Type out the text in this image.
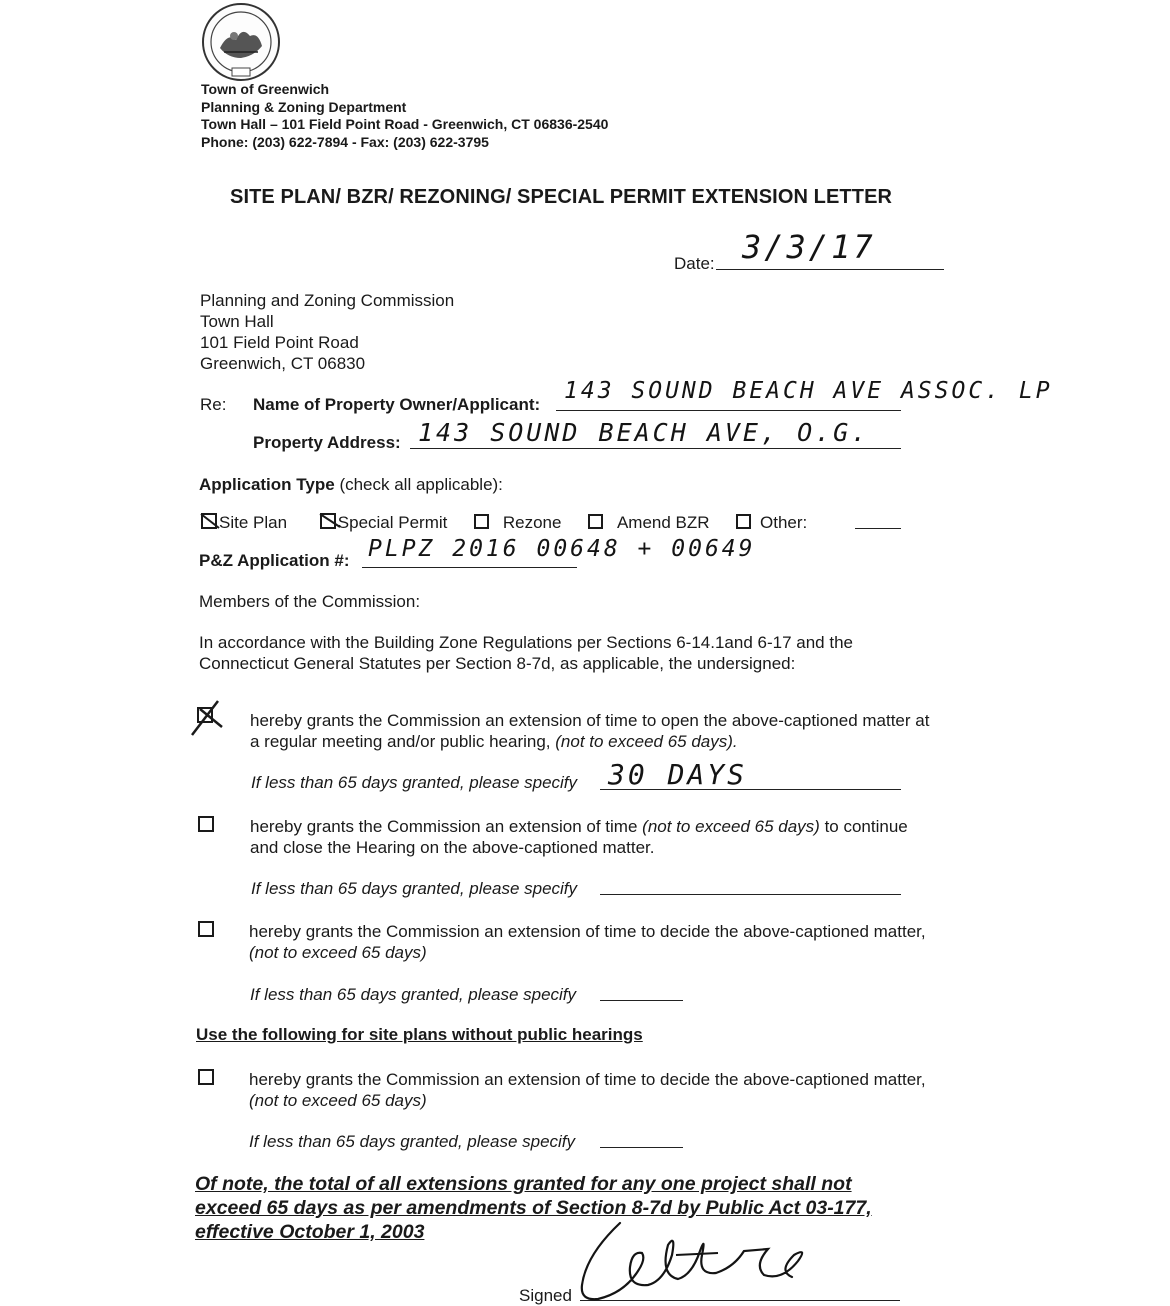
Town of Greenwich
Planning & Zoning Department
Town Hall – 101 Field Point Road - Greenwich, CT 06836-2540
Phone: (203) 622-7894 - Fax: (203) 622-3795
SITE PLAN/ BZR/ REZONING/ SPECIAL PERMIT EXTENSION LETTER
Date: 3/3/17
Planning and Zoning Commission
Town Hall
101 Field Point Road
Greenwich, CT 06830
Re: Name of Property Owner/Applicant:
143 SOUND BEACH AVE ASSOC. LP
Property Address: 143 SOUND BEACH AVE, O.G.
Application Type (check all applicable):
Site Plan	Special Permit	Rezone	Amend BZR	Other:
P&Z Application #: PLPZ 2016 00648 + 00649
Members of the Commission:
In accordance with the Building Zone Regulations per Sections 6-14.1and 6-17 and the Connecticut General Statutes per Section 8-7d, as applicable, the undersigned:
hereby grants the Commission an extension of time to open the above-captioned matter at a regular meeting and/or public hearing, (not to exceed 65 days).
If less than 65 days granted, please specify 30 DAYS
hereby grants the Commission an extension of time (not to exceed 65 days) to continue and close the Hearing on the above-captioned matter.
If less than 65 days granted, please specify
hereby grants the Commission an extension of time to decide the above-captioned matter, (not to exceed 65 days)
If less than 65 days granted, please specify
Use the following for site plans without public hearings
hereby grants the Commission an extension of time to decide the above-captioned matter, (not to exceed 65 days)
If less than 65 days granted, please specify
Of note, the total of all extensions granted for any one project shall not
exceed 65 days as per amendments of Section 8-7d by Public Act 03-177,
effective October 1, 2003
Signed
